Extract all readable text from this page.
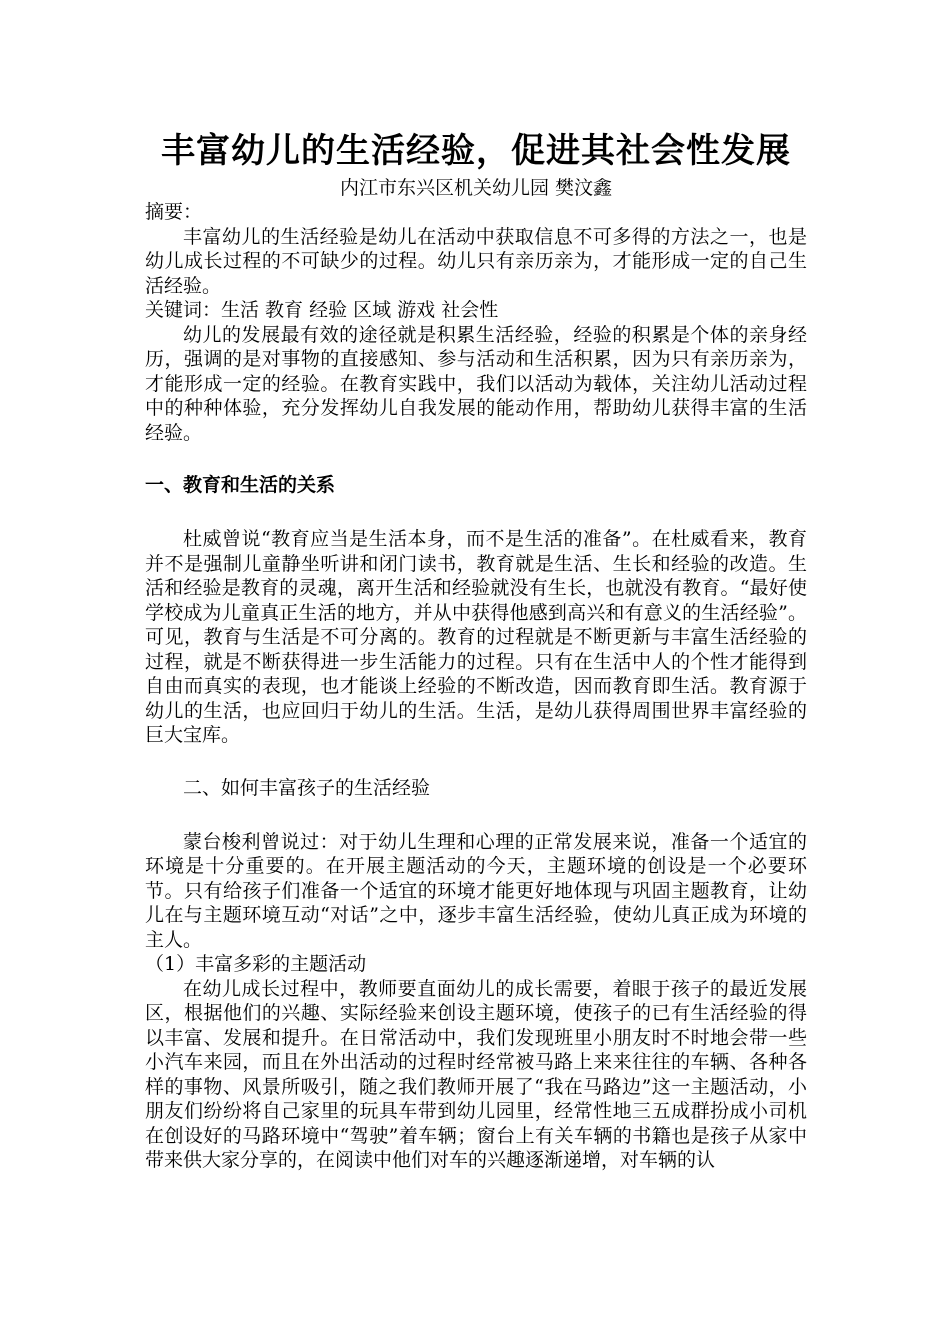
丰富幼儿的生活经验，促进其社会性发展

内江市东兴区机关幼儿园 樊汶鑫

摘要：

丰富幼儿的生活经验是幼儿在活动中获取信息不可多得的方法之一，也是幼儿成长过程的不可缺少的过程。幼儿只有亲历亲为，才能形成一定的自己生活经验。

关键词：生活 教育 经验 区域 游戏 社会性

幼儿的发展最有效的途径就是积累生活经验，经验的积累是个体的亲身经历，强调的是对事物的直接感知、参与活动和生活积累，因为只有亲历亲为，才能形成一定的经验。在教育实践中，我们以活动为载体，关注幼儿活动过程中的种种体验，充分发挥幼儿自我发展的能动作用，帮助幼儿获得丰富的生活经验。

一、教育和生活的关系

杜威曾说“教育应当是生活本身，而不是生活的准备”。在杜威看来，教育并不是强制儿童静坐听讲和闭门读书，教育就是生活、生长和经验的改造。生活和经验是教育的灵魂，离开生活和经验就没有生长，也就没有教育。“最好使学校成为儿童真正生活的地方，并从中获得他感到高兴和有意义的生活经验”。可见，教育与生活是不可分离的。教育的过程就是不断更新与丰富生活经验的过程，就是不断获得进一步生活能力的过程。只有在生活中人的个性才能得到自由而真实的表现，也才能谈上经验的不断改造，因而教育即生活。教育源于幼儿的生活，也应回归于幼儿的生活。生活，是幼儿获得周围世界丰富经验的巨大宝库。

二、如何丰富孩子的生活经验

蒙台梭利曾说过：对于幼儿生理和心理的正常发展来说，准备一个适宜的环境是十分重要的。在开展主题活动的今天，主题环境的创设是一个必要环节。只有给孩子们准备一个适宜的环境才能更好地体现与巩固主题教育，让幼儿在与主题环境互动“对话”之中，逐步丰富生活经验，使幼儿真正成为环境的主人。

（1）丰富多彩的主题活动

在幼儿成长过程中，教师要直面幼儿的成长需要，着眼于孩子的最近发展区，根据他们的兴趣、实际经验来创设主题环境，使孩子的已有生活经验的得以丰富、发展和提升。在日常活动中，我们发现班里小朋友时不时地会带一些小汽车来园，而且在外出活动的过程时经常被马路上来来往往的车辆、各种各样的事物、风景所吸引，随之我们教师开展了“我在马路边”这一主题活动，小朋友们纷纷将自己家里的玩具车带到幼儿园里，经常性地三五成群扮成小司机在创设好的马路环境中“驾驶”着车辆；窗台上有关车辆的书籍也是孩子从家中带来供大家分享的，在阅读中他们对车的兴趣逐渐递增，对车辆的认
